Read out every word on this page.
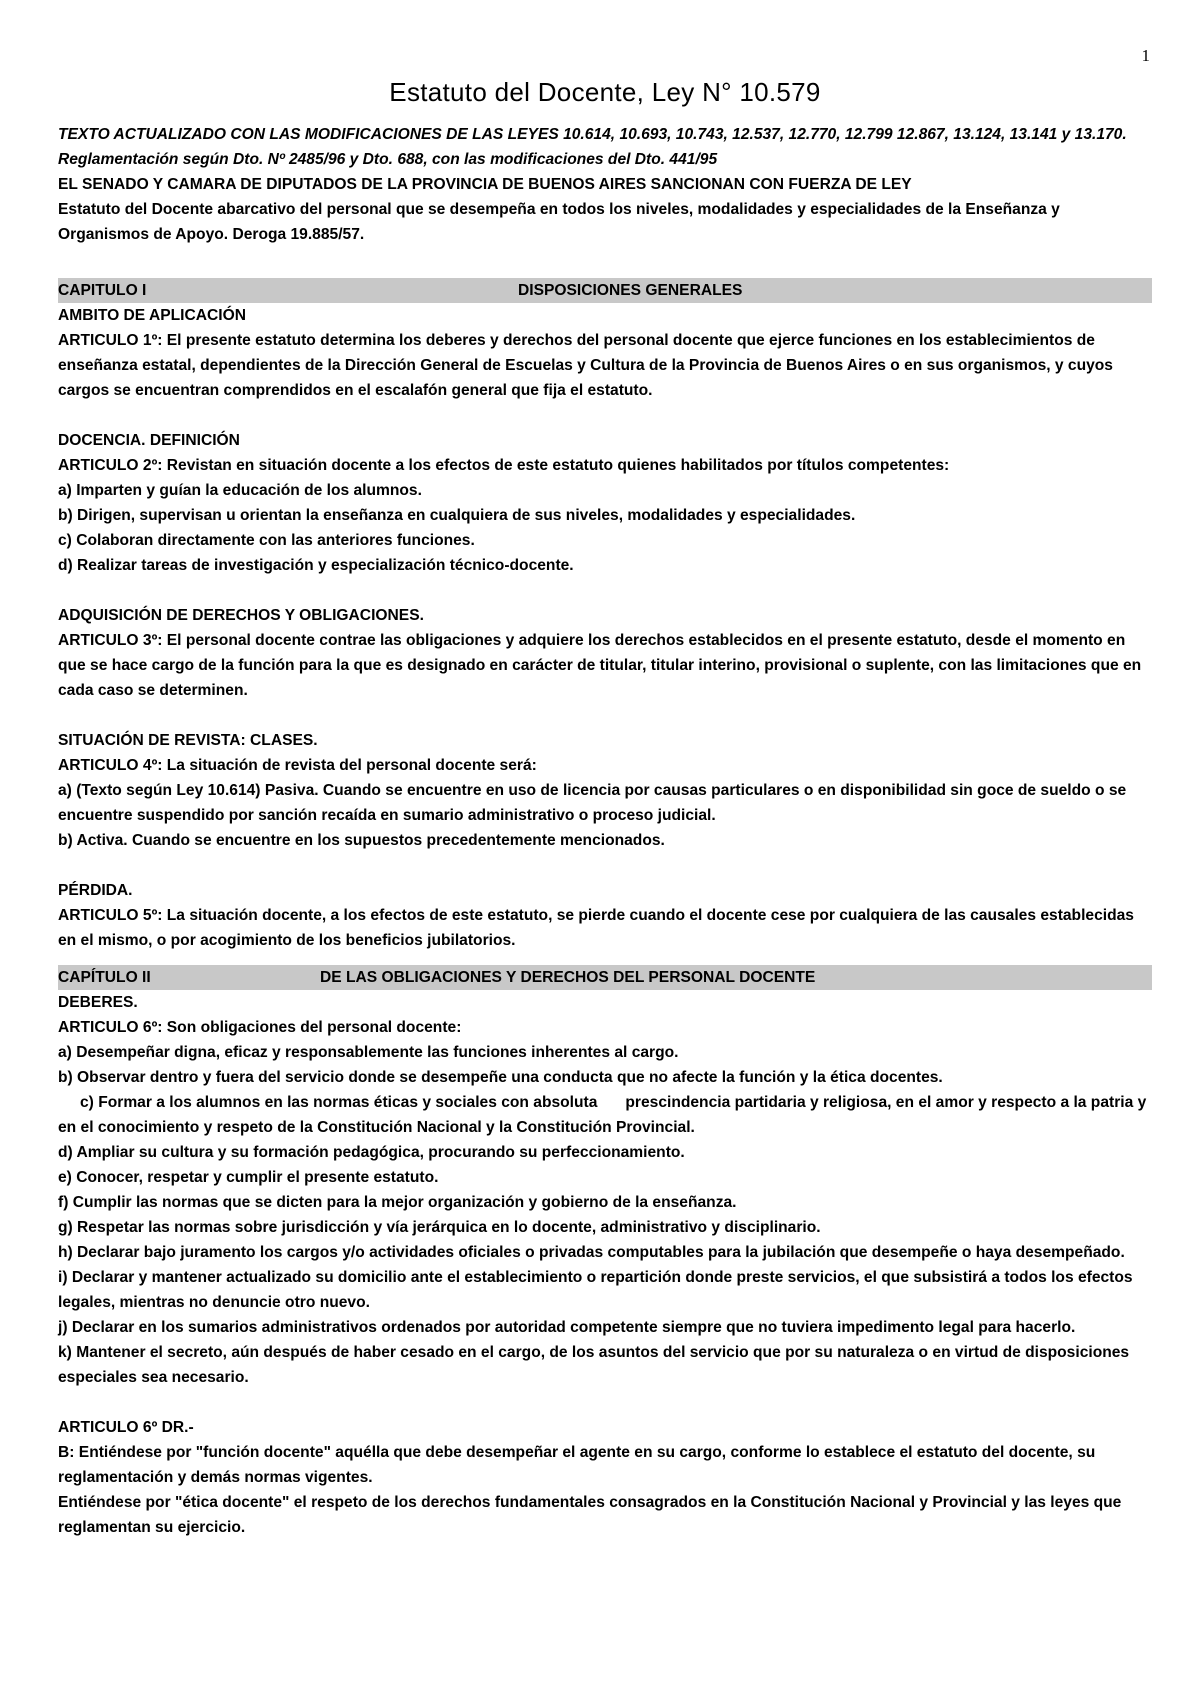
1
Estatuto del Docente, Ley N° 10.579

TEXTO ACTUALIZADO CON LAS MODIFICACIONES DE LAS LEYES 10.614, 10.693, 10.743, 12.537, 12.770, 12.799 12.867, 13.124, 13.141 y 13.170. Reglamentación según Dto. Nº 2485/96 y Dto. 688, con las modificaciones del Dto. 441/95

EL SENADO Y CAMARA DE DIPUTADOS DE LA PROVINCIA DE BUENOS AIRES SANCIONAN CON FUERZA DE LEY

Estatuto del Docente abarcativo del personal que se desempeña en todos los niveles, modalidades y especialidades de la Enseñanza y Organismos de Apoyo. Deroga 19.885/57.

CAPITULO I	DISPOSICIONES GENERALES

AMBITO DE APLICACIÓN

ARTICULO 1º: El presente estatuto determina los deberes y derechos del personal docente que ejerce funciones en los establecimientos de enseñanza estatal, dependientes de la Dirección General de Escuelas y Cultura de la Provincia de Buenos Aires o en sus organismos, y cuyos cargos se encuentran comprendidos en el escalafón general que fija el estatuto.

DOCENCIA. DEFINICIÓN

ARTICULO 2º: Revistan en situación docente a los efectos de este estatuto quienes habilitados por títulos competentes:

a) Imparten y guían la educación de los alumnos.

b) Dirigen, supervisan u orientan la enseñanza en cualquiera de sus niveles, modalidades y especialidades.

c) Colaboran directamente con las anteriores funciones.

d) Realizar tareas de investigación y especialización técnico-docente.

ADQUISICIÓN DE DERECHOS Y OBLIGACIONES.

ARTICULO 3º: El personal docente contrae las obligaciones y adquiere los derechos establecidos en el presente estatuto, desde el momento en que se hace cargo de la función para la que es designado en carácter de titular, titular interino, provisional o suplente, con las limitaciones que en cada caso se determinen.

SITUACIÓN DE REVISTA: CLASES.

ARTICULO 4º: La situación de revista del personal docente será:

a) (Texto según Ley 10.614) Pasiva. Cuando se encuentre en uso de licencia por causas particulares o en disponibilidad sin goce de sueldo o se encuentre suspendido por sanción recaída en sumario administrativo o proceso judicial.

b) Activa. Cuando se encuentre en los supuestos precedentemente mencionados.

PÉRDIDA.

ARTICULO 5º: La situación docente, a los efectos de este estatuto, se pierde cuando el docente cese por cualquiera de las causales establecidas en el mismo, o por acogimiento de los beneficios jubilatorios.

CAPÍTULO II	DE LAS OBLIGACIONES Y DERECHOS DEL PERSONAL DOCENTE

DEBERES.

ARTICULO 6º: Son obligaciones del personal docente:

a) Desempeñar digna, eficaz y responsablemente las funciones inherentes al cargo.

b) Observar dentro y fuera del servicio donde se desempeñe una conducta que no afecte la función y la ética docentes.

c) Formar a los alumnos en las normas éticas y sociales con absoluta prescindencia partidaria y religiosa, en el amor y respecto a la patria y en el conocimiento y respeto de la Constitución Nacional y la Constitución Provincial.

d) Ampliar su cultura y su formación pedagógica, procurando su perfeccionamiento.

e) Conocer, respetar y cumplir el presente estatuto.

f) Cumplir las normas que se dicten para la mejor organización y gobierno de la enseñanza.

g) Respetar las normas sobre jurisdicción y vía jerárquica en lo docente, administrativo y disciplinario.

h) Declarar bajo juramento los cargos y/o actividades oficiales o privadas computables para la jubilación que desempeñe o haya desempeñado.

i) Declarar y mantener actualizado su domicilio ante el establecimiento o repartición donde preste servicios, el que subsistirá a todos los efectos legales, mientras no denuncie otro nuevo.

j) Declarar en los sumarios administrativos ordenados por autoridad competente siempre que no tuviera impedimento legal para hacerlo.

k) Mantener el secreto, aún después de haber cesado en el cargo, de los asuntos del servicio que por su naturaleza o en virtud de disposiciones especiales sea necesario.

ARTICULO 6º DR.-

B: Entiéndese por "función docente" aquélla que debe desempeñar el agente en su cargo, conforme lo establece el estatuto del docente, su reglamentación y demás normas vigentes.

Entiéndese por "ética docente" el respeto de los derechos fundamentales consagrados en la Constitución Nacional y Provincial y las leyes que reglamentan su ejercicio.
